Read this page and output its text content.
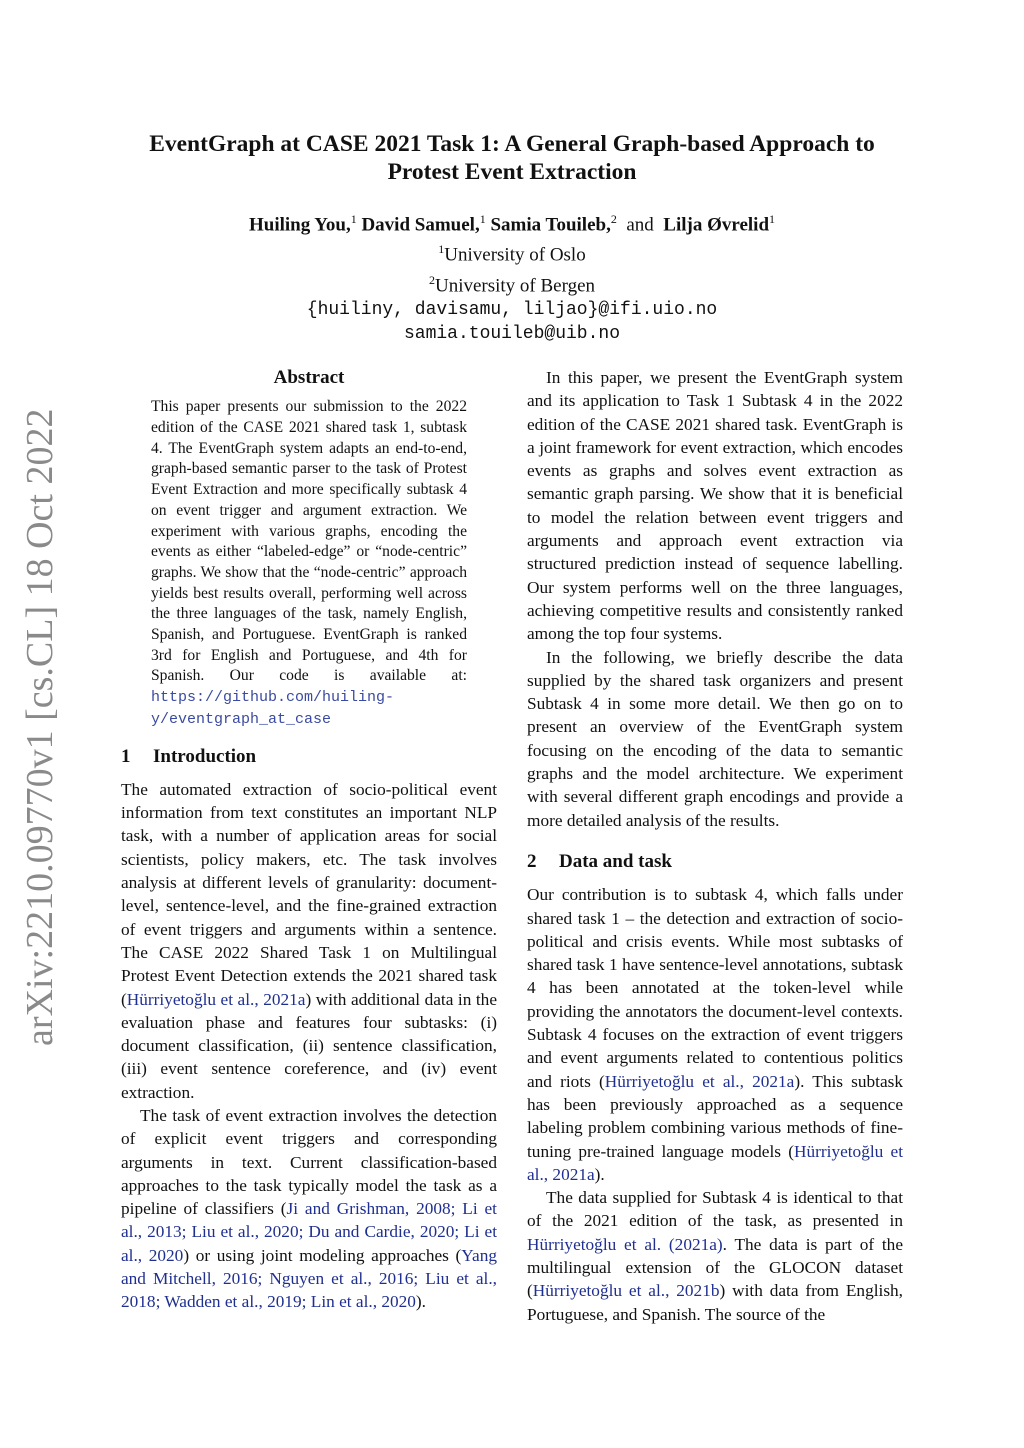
arXiv:2210.09770v1 [cs.CL] 18 Oct 2022
EventGraph at CASE 2021 Task 1: A General Graph-based Approach to
Protest Event Extraction
Huiling You,$^1$ David Samuel,$^1$ Samia Touileb,$^2$ and Lilja Øvrelid$^1$
$^1$University of Oslo
$^2$University of Bergen
{huiliny, davisamu, liljao}@ifi.uio.no
samia.touileb@uib.no
Abstract
This paper presents our submission to the 2022 edition of the CASE 2021 shared task 1, subtask 4. The EventGraph system adapts an end-to-end, graph-based semantic parser to the task of Protest Event Extraction and more specifically subtask 4 on event trigger and argument extraction. We experiment with various graphs, encoding the events as either “labeled-edge” or “node-centric” graphs. We show that the “node-centric” approach yields best results overall, performing well across the three languages of the task, namely English, Spanish, and Portuguese. EventGraph is ranked 3rd for English and Portuguese, and 4th for Spanish. Our code is available at: https://github.com/huiling-y/eventgraph_at_case
1 Introduction

The automated extraction of socio-political event information from text constitutes an important NLP task, with a number of application areas for social scientists, policy makers, etc. The task involves analysis at different levels of granularity: document-level, sentence-level, and the fine-grained extraction of event triggers and arguments within a sentence. The CASE 2022 Shared Task 1 on Multilingual Protest Event Detection extends the 2021 shared task (Hürriyetoğlu et al., 2021a) with additional data in the evaluation phase and features four subtasks: (i) document classification, (ii) sentence classification, (iii) event sentence coreference, and (iv) event extraction.

The task of event extraction involves the detection of explicit event triggers and corresponding arguments in text. Current classification-based approaches to the task typically model the task as a pipeline of classifiers (Ji and Grishman, 2008; Li et al., 2013; Liu et al., 2020; Du and Cardie, 2020; Li et al., 2020) or using joint modeling approaches (Yang and Mitchell, 2016; Nguyen et al., 2016; Liu et al., 2018; Wadden et al., 2019; Lin et al., 2020).

In this paper, we present the EventGraph system and its application to Task 1 Subtask 4 in the 2022 edition of the CASE 2021 shared task. EventGraph is a joint framework for event extraction, which encodes events as graphs and solves event extraction as semantic graph parsing. We show that it is beneficial to model the relation between event triggers and arguments and approach event extraction via structured prediction instead of sequence labelling. Our system performs well on the three languages, achieving competitive results and consistently ranked among the top four systems.

In the following, we briefly describe the data supplied by the shared task organizers and present Subtask 4 in some more detail. We then go on to present an overview of the EventGraph system focusing on the encoding of the data to semantic graphs and the model architecture. We experiment with several different graph encodings and provide a more detailed analysis of the results.

2 Data and task

Our contribution is to subtask 4, which falls under shared task 1 – the detection and extraction of socio-political and crisis events. While most subtasks of shared task 1 have sentence-level annotations, subtask 4 has been annotated at the token-level while providing the annotators the document-level contexts. Subtask 4 focuses on the extraction of event triggers and event arguments related to contentious politics and riots (Hürriyetoğlu et al., 2021a). This subtask has been previously approached as a sequence labeling problem combining various methods of fine-tuning pre-trained language models (Hürriyetoğlu et al., 2021a).

The data supplied for Subtask 4 is identical to that of the 2021 edition of the task, as presented in Hürriyetoğlu et al. (2021a). The data is part of the multilingual extension of the GLOCON dataset (Hürriyetoğlu et al., 2021b) with data from English, Portuguese, and Spanish. The source of the
